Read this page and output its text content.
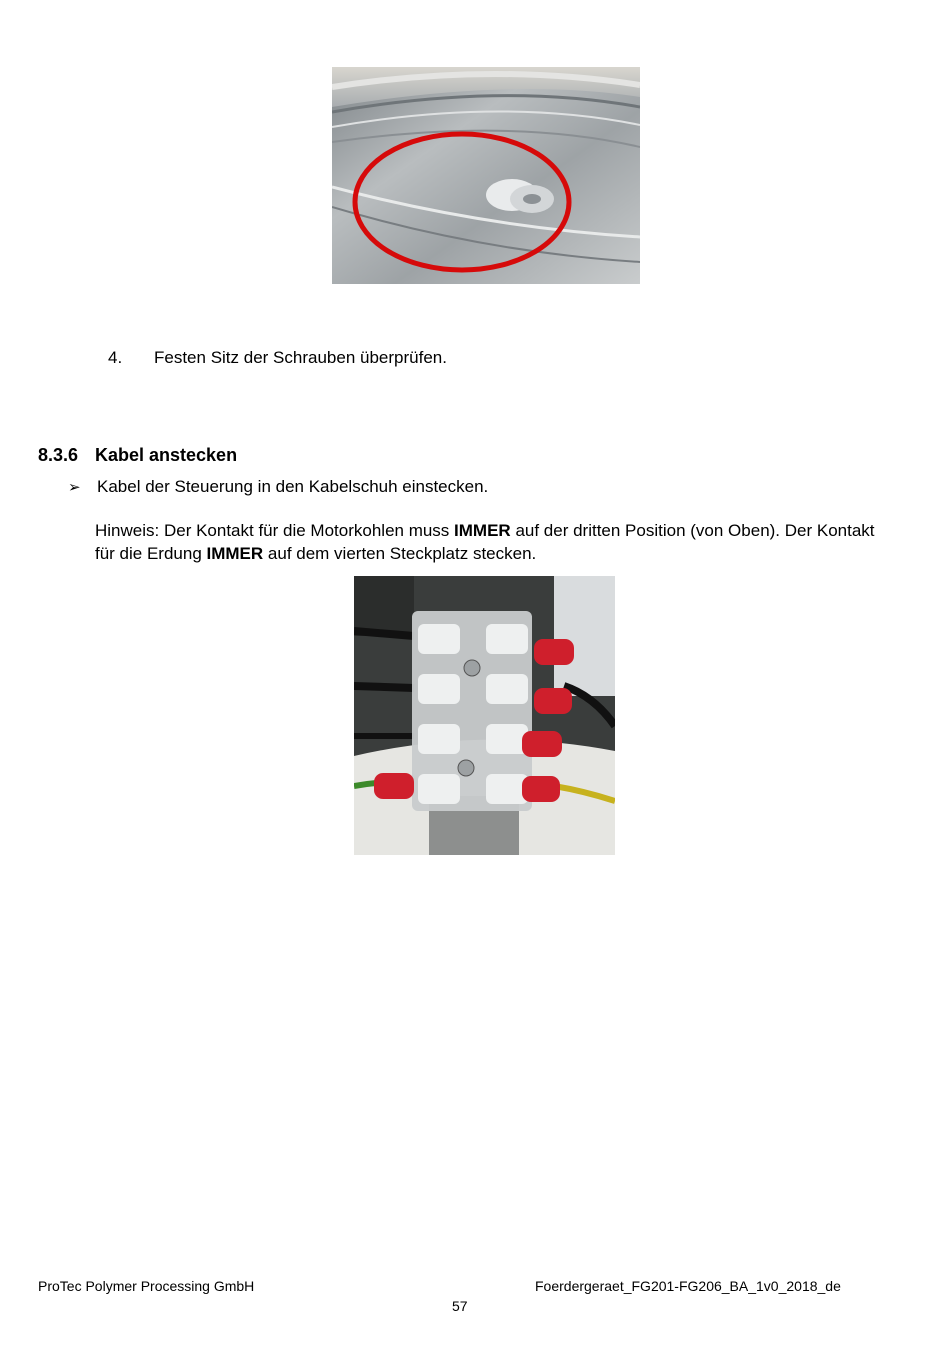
4. Festen Sitz der Schrauben überprüfen.
8.3.6 Kabel anstecken
➢ Kabel der Steuerung in den Kabelschuh einstecken.
Hinweis: Der Kontakt für die Motorkohlen muss IMMER auf der dritten Position (von Oben). Der Kontakt für die Erdung IMMER auf dem vierten Steckplatz stecken.
ProTec Polymer Processing GmbH	Foerdergeraet_FG201-FG206_BA_1v0_2018_de
57
